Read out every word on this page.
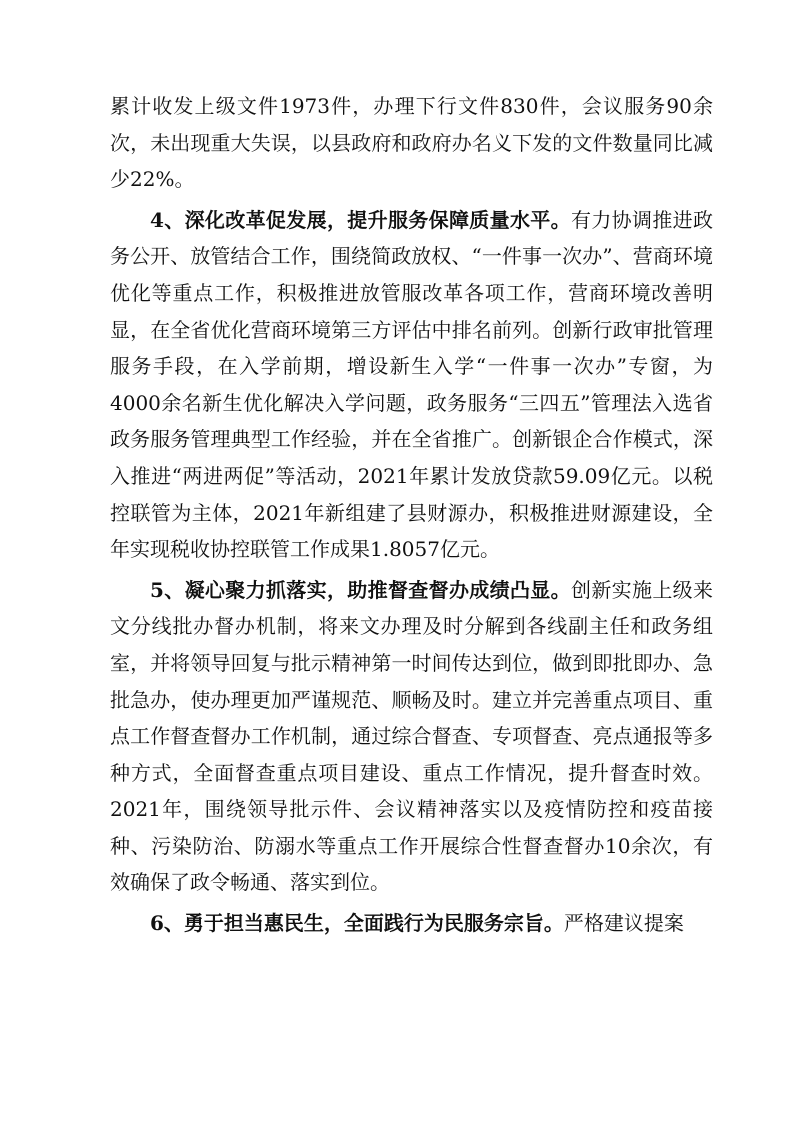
累计收发上级文件1973件，办理下行文件830件，会议服务90余次，未出现重大失误，以县政府和政府办名义下发的文件数量同比减少22%。

4、深化改革促发展，提升服务保障质量水平。有力协调推进政务公开、放管结合工作，围绕简政放权、“一件事一次办”、营商环境优化等重点工作，积极推进放管服改革各项工作，营商环境改善明显，在全省优化营商环境第三方评估中排名前列。创新行政审批管理服务手段，在入学前期，增设新生入学“一件事一次办”专窗，为4000余名新生优化解决入学问题，政务服务“三四五”管理法入选省政务服务管理典型工作经验，并在全省推广。创新银企合作模式，深入推进“两进两促”等活动，2021年累计发放贷款59.09亿元。以税控联管为主体，2021年新组建了县财源办，积极推进财源建设，全年实现税收协控联管工作成果1.8057亿元。

5、凝心聚力抓落实，助推督查督办成绩凸显。创新实施上级来文分线批办督办机制，将来文办理及时分解到各线副主任和政务组室，并将领导回复与批示精神第一时间传达到位，做到即批即办、急批急办，使办理更加严谨规范、顺畅及时。建立并完善重点项目、重点工作督查督办工作机制，通过综合督查、专项督查、亮点通报等多种方式，全面督查重点项目建设、重点工作情况，提升督查时效。2021年，围绕领导批示件、会议精神落实以及疫情防控和疫苗接种、污染防治、防溺水等重点工作开展综合性督查督办10余次，有效确保了政令畅通、落实到位。

6、勇于担当惠民生，全面践行为民服务宗旨。严格建议提案
